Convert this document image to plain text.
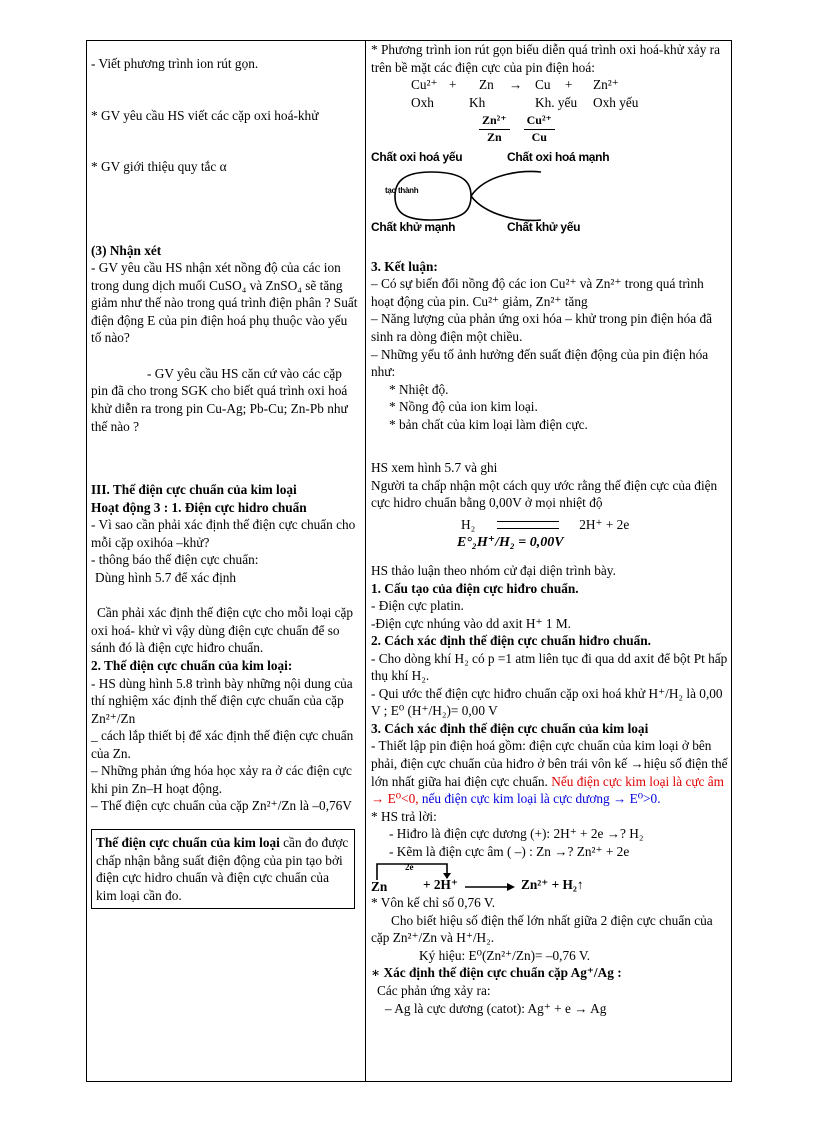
- Viết phương trình ion rút gọn.

* GV yêu cầu HS viết các cặp oxi hoá-khử

* GV giới thiệu quy tắc α

(3) Nhận xét

- GV yêu cầu HS nhận xét nồng độ của các ion trong dung dịch muối CuSO₄ và ZnSO₄ sẽ tăng giảm như thế nào trong quá trình điện phân ? Suất điện động E của pin điện hoá phụ thuộc vào yếu tố nào?

- GV yêu cầu HS căn cứ vào các cặp pin đã cho trong SGK cho biết quá trình oxi hoá khử diễn ra trong pin Cu-Ag; Pb-Cu; Zn-Pb như thế nào ?

III. Thế điện cực chuẩn của kim loại

Hoạt động 3 : 1. Điện cực hidro chuẩn

- Vì sao cần phải xác định thế điện cực chuẩn cho mỗi cặp oxihóa –khử?

- thông báo thế điện cực chuẩn:

Dùng hình 5.7 để xác định

Cần phải xác định thế điện cực cho mỗi loại cặp oxi hoá- khử vì vậy dùng điện cực chuẩn để so sánh đó là điện cực hiđro chuẩn.

2. Thế điện cực chuẩn của kim loại:

- HS dùng hình 5.8 trình bày những nội dung của thí nghiệm xác định thế điện cực chuẩn của cặp Zn²⁺/Zn

_ cách lắp thiết bị để xác định thế điện cực chuẩn của Zn.

– Những phản ứng hóa học xảy ra ở các điện cực khi pin Zn–H hoạt động.

– Thế điện cực chuẩn của cặp Zn²⁺/Zn là –0,76V

Thế điện cực chuẩn của kim loại cần đo được chấp nhận bằng suất điện động của pin tạo bởi điện cực hidro chuẩn và điện cực chuẩn của kim loại cần đo.

* Phương trình ion rút gọn biểu diễn quá trình oxi hoá-khử xảy ra trên bề mặt các điện cực của pin điện hoá:

Cu²⁺ +	Zn	→ Cu	+	Zn²⁺
Oxh	Kh	Kh. yếu	Oxh yếu
$\frac{\text{Zn²⁺}}{Zn} \frac{\text{Cu²⁺}}{Cu}$
Chất oxi hoá yếu	Chất oxi hoá mạnh
tạo thành
Chất khử mạnh	Chất khử yếu

3. Kết luận:

– Có sự biến đổi nồng độ các ion Cu²⁺ và Zn²⁺ trong quá trình hoạt động của pin. Cu²⁺ giảm, Zn²⁺ tăng

– Năng lượng của phản ứng oxi hóa – khử trong pin điện hóa đã sinh ra dòng điện một chiều.

– Những yếu tố ảnh hưởng đến suất điện động của pin điện hóa như:

* Nhiệt độ.

* Nồng độ của ion kim loại.

* bản chất của kim loại làm điện cực.

HS xem hình 5.7 và ghi

Người ta chấp nhận một cách quy ước rằng thế điện cực của điện cực hidro chuẩn bằng 0,00V ở mọi nhiệt độ

H₂	2H⁺ + 2e

E°₂H⁺/H₂ = 0,00V

HS thảo luận theo nhóm cử đại diện trình bày.

1. Cấu tạo của điện cực hiđro chuẩn.

- Điện cực platin.

-Điện cực nhúng vào dd axit H⁺ 1 M.

2. Cách xác định thế điện cực chuẩn hiđro chuẩn.

- Cho dòng khí H₂ có p =1 atm liên tục đi qua dd axit để bột Pt hấp thụ khí H₂.

- Qui ước thế điện cực hiđro chuẩn cặp oxi hoá khử H⁺/H₂ là 0,00 V ; E⁰ (H⁺/H₂)= 0,00 V

3. Cách xác định thế điện cực chuẩn của kim loại

- Thiết lập pin điện hoá gồm: điện cực chuẩn của kim loại ở bên phải, điện cực chuẩn của hiđro ở bên trái vôn kế →hiệu số điện thế lớn nhất giữa hai điện cực chuẩn. Nếu điện cực kim loại là cực âm → E⁰<0, nếu điện cực kim loại là cực dương → E⁰>0.

* HS trả lời:

- Hiđro là điện cực dương (+): 2H⁺ + 2e →? H₂

- Kẽm là điện cực âm ( –) : Zn →? Zn²⁺ + 2e

2e
Zn	+ 2H⁺ → Zn²⁺ + H₂↑

* Vôn kế chỉ số 0,76 V.

Cho biết hiệu số điện thế lớn nhất giữa 2 điện cực chuẩn của cặp Zn²⁺/Zn và H⁺/H₂.

Ký hiệu: E⁰(Zn²⁺/Zn)= –0,76 V.

∗ Xác định thế điện cực chuẩn cặp Ag⁺/Ag :

Các phản ứng xảy ra:

– Ag là cực dương (catot): Ag⁺ + e → Ag
